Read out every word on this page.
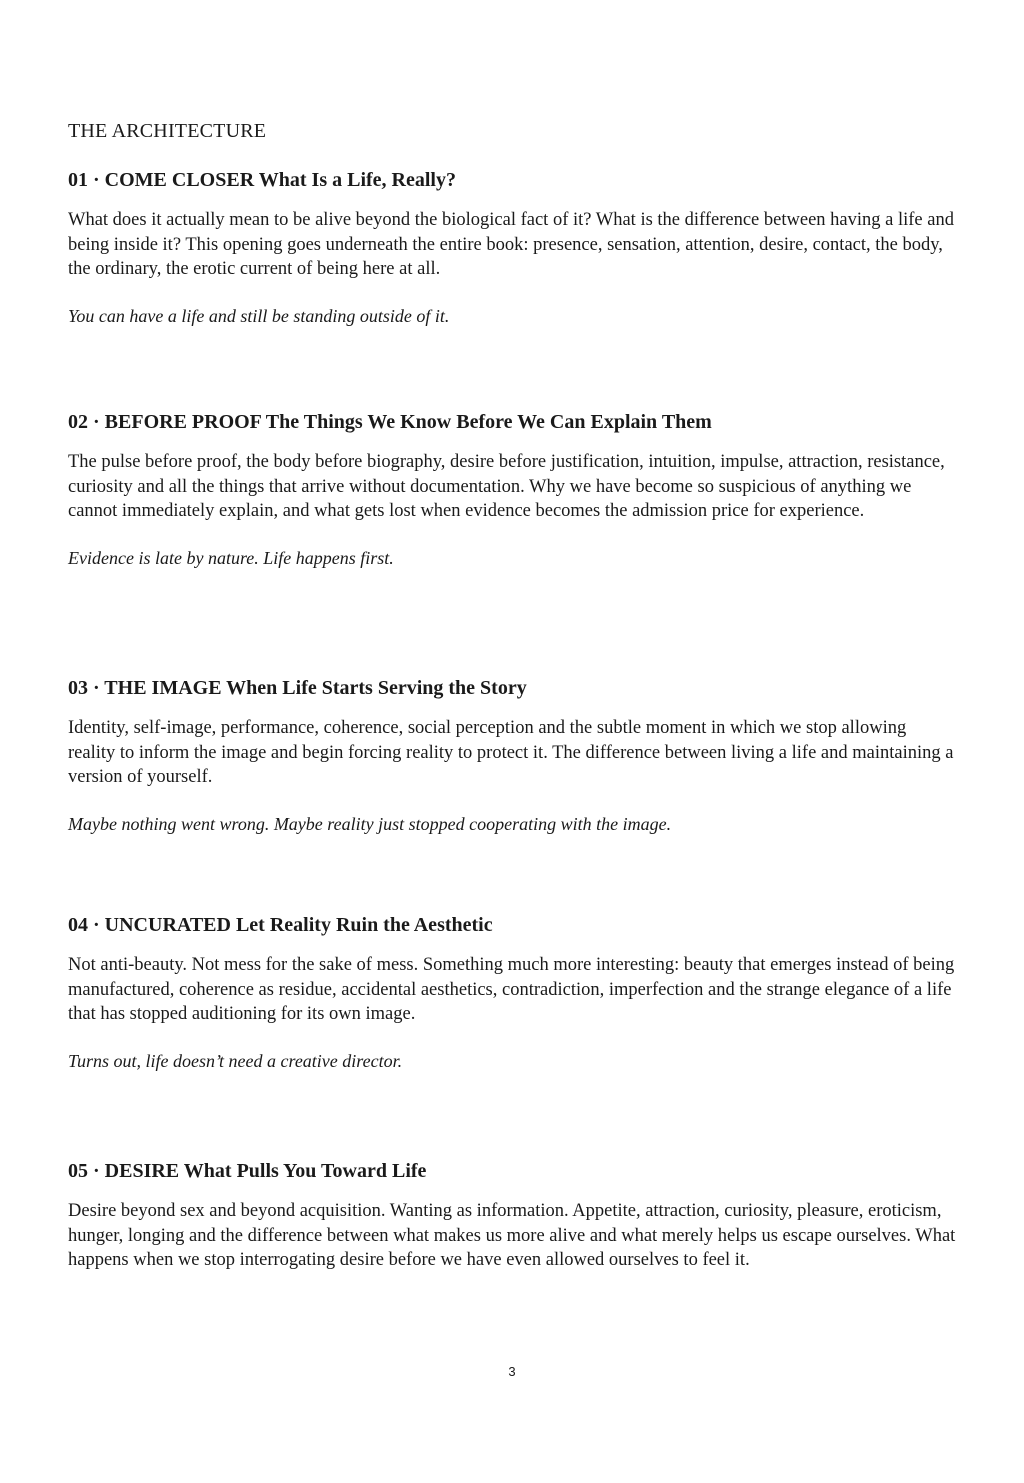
THE ARCHITECTURE
01 · COME CLOSER What Is a Life, Really?

What does it actually mean to be alive beyond the biological fact of it? What is the difference between having a life and being inside it? This opening goes underneath the entire book: presence, sensation, attention, desire, contact, the body, the ordinary, the erotic current of being here at all.

You can have a life and still be standing outside of it.

02 · BEFORE PROOF The Things We Know Before We Can Explain Them

The pulse before proof, the body before biography, desire before justification, intuition, impulse, attraction, resistance, curiosity and all the things that arrive without documentation. Why we have become so suspicious of anything we cannot immediately explain, and what gets lost when evidence becomes the admission price for experience.

Evidence is late by nature. Life happens first.

03 · THE IMAGE When Life Starts Serving the Story

Identity, self-image, performance, coherence, social perception and the subtle moment in which we stop allowing reality to inform the image and begin forcing reality to protect it. The difference between living a life and maintaining a version of yourself.

Maybe nothing went wrong. Maybe reality just stopped cooperating with the image.

04 · UNCURATED Let Reality Ruin the Aesthetic

Not anti-beauty. Not mess for the sake of mess. Something much more interesting: beauty that emerges instead of being manufactured, coherence as residue, accidental aesthetics, contradiction, imperfection and the strange elegance of a life that has stopped auditioning for its own image.

Turns out, life doesn’t need a creative director.

05 · DESIRE What Pulls You Toward Life

Desire beyond sex and beyond acquisition. Wanting as information. Appetite, attraction, curiosity, pleasure, eroticism, hunger, longing and the difference between what makes us more alive and what merely helps us escape ourselves. What happens when we stop interrogating desire before we have even allowed ourselves to feel it.

3
